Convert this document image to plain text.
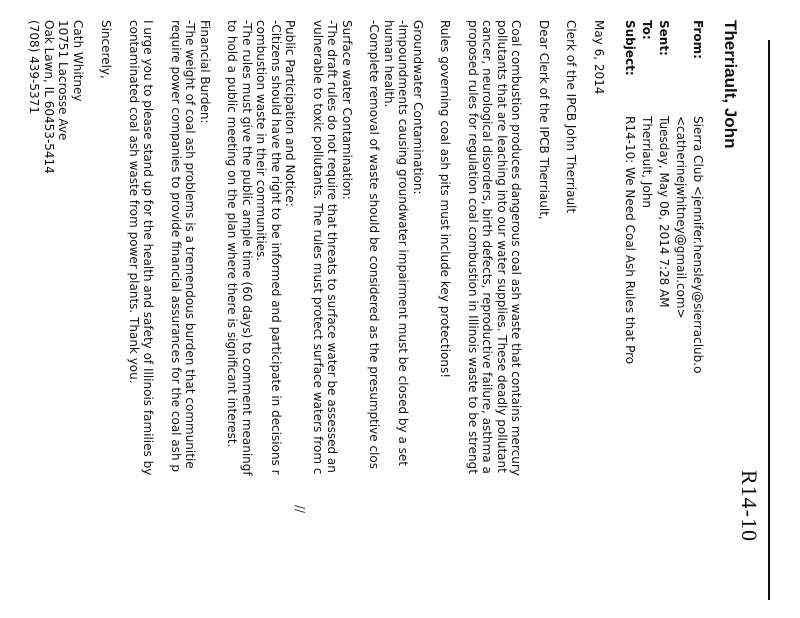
R14-10
Therriault, John
From:
Sierra Club <jennifer.hensley@sierraclub.o
<catherinejwhitney@gmail.com>
Sent:
Tuesday, May 06, 2014 7:28 AM
To:
Therriault, John
Subject:
R14-10: We Need Coal Ash Rules that Pro

May 6, 2014

Clerk of the IPCB John Therriault

Dear Clerk of the IPCB Therriault,

Coal combustion produces dangerous coal ash waste that contains mercury
pollutants that are leaching into our water supplies. These deadly pollutant
cancer, neurological disorders, birth defects, reproductive failure, asthma a
proposed rules for regulation coal combustion in Illinois waste to be strengt

Rules governing coal ash pits must include key protections!

Groundwater Contamination:
-Impoundments causing groundwater impairment must be closed by a set
human health.
-Complete removal of waste should be considered as the presumptive clos
Surface water Contamination:
-The draft rules do not require that threats to surface water be assessed an
vulnerable to toxic pollutants. The rules must protect surface waters from c
Public Participation and Notice:
-Citizens should have the right to be informed and participate in decisions r
combustion waste in their communities.
-The rules must give the public ample time (60 days) to comment meaningf
to hold a public meeting on the plan where there is significant interest.
Financial Burden:
-The weight of coal ash problems is a tremendous burden that communitie
require power companies to provide financial assurances for the coal ash p
I urge you to please stand up for the health and safety of Illinois families by
contaminated coal ash waste from power plants. Thank you.

Sincerely,

Cath Whitney
10751 Lacrosse Ave
Oak Lawn, IL 60453-5414
(708) 439-5371
//
